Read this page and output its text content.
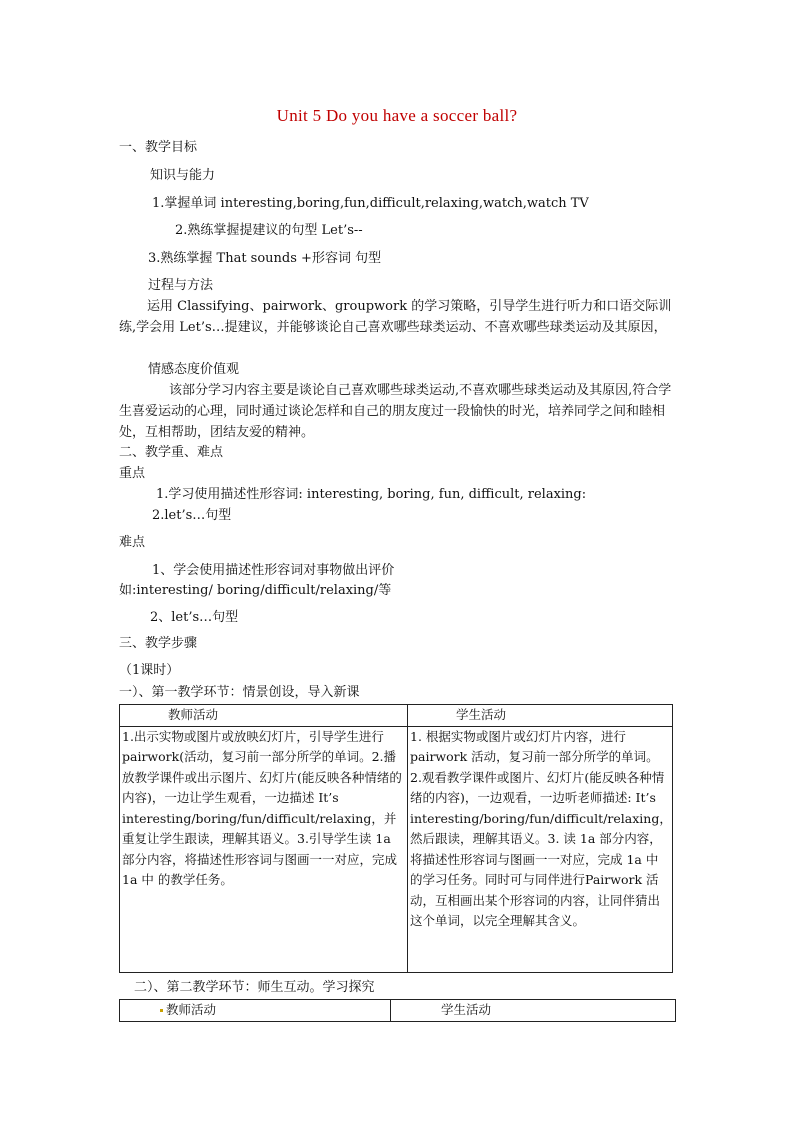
Unit 5 Do you have a soccer ball?
一、教学目标
知识与能力
1.掌握单词 interesting,boring,fun,difficult,relaxing,watch,watch TV
2.熟练掌握提建议的句型 Let’s--
3.熟练掌握 That sounds +形容词 句型
过程与方法
运用 Classifying、pairwork、groupwork 的学习策略，引导学生进行听力和口语交际训练,学会用 Let’s…提建议，并能够谈论自己喜欢哪些球类运动、不喜欢哪些球类运动及其原因，
情感态度价值观
该部分学习内容主要是谈论自己喜欢哪些球类运动,不喜欢哪些球类运动及其原因,符合学生喜爱运动的心理，同时通过谈论怎样和自己的朋友度过一段愉快的时光，培养同学之间和睦相处，互相帮助，团结友爱的精神。
二、教学重、难点
重点
1.学习使用描述性形容词: interesting, boring, fun, difficult, relaxing:
2.let’s…句型
难点
1、学会使用描述性形容词对事物做出评价
如:interesting/ boring/difficult/relaxing/等
2、let’s…句型
三、教学步骤
（1课时）
一）、第一教学环节：情景创设，导入新课
教师活动	学生活动
1.出示实物或图片或放映幻灯片，引导学生进行 pairwork(活动，复习前一部分所学的单词。2.播放教学课件或出示图片、幻灯片(能反映各种情绪的内容)，一边让学生观看，一边描述 It’s interesting/boring/fun/difficult/relaxing，并重复让学生跟读，理解其语义。3.引导学生读 1a 部分内容，将描述性形容词与图画一一对应，完成 1a 中 的教学任务。	1. 根据实物或图片或幻灯片内容，进行 pairwork 活动，复习前一部分所学的单词。2.观看教学课件或图片、幻灯片(能反映各种情绪的内容)，一边观看，一边听老师描述: It’s interesting/boring/fun/difficult/relaxing，然后跟读，理解其语义。3. 读 1a 部分内容，将描述性形容词与图画一一对应，完成 1a 中的学习任务。同时可与同伴进行Pairwork 活动，互相画出某个形容词的内容，让同伴猜出这个单词，以完全理解其含义。
二）、第二教学环节：师生互动。学习探究
教师活动	学生活动
